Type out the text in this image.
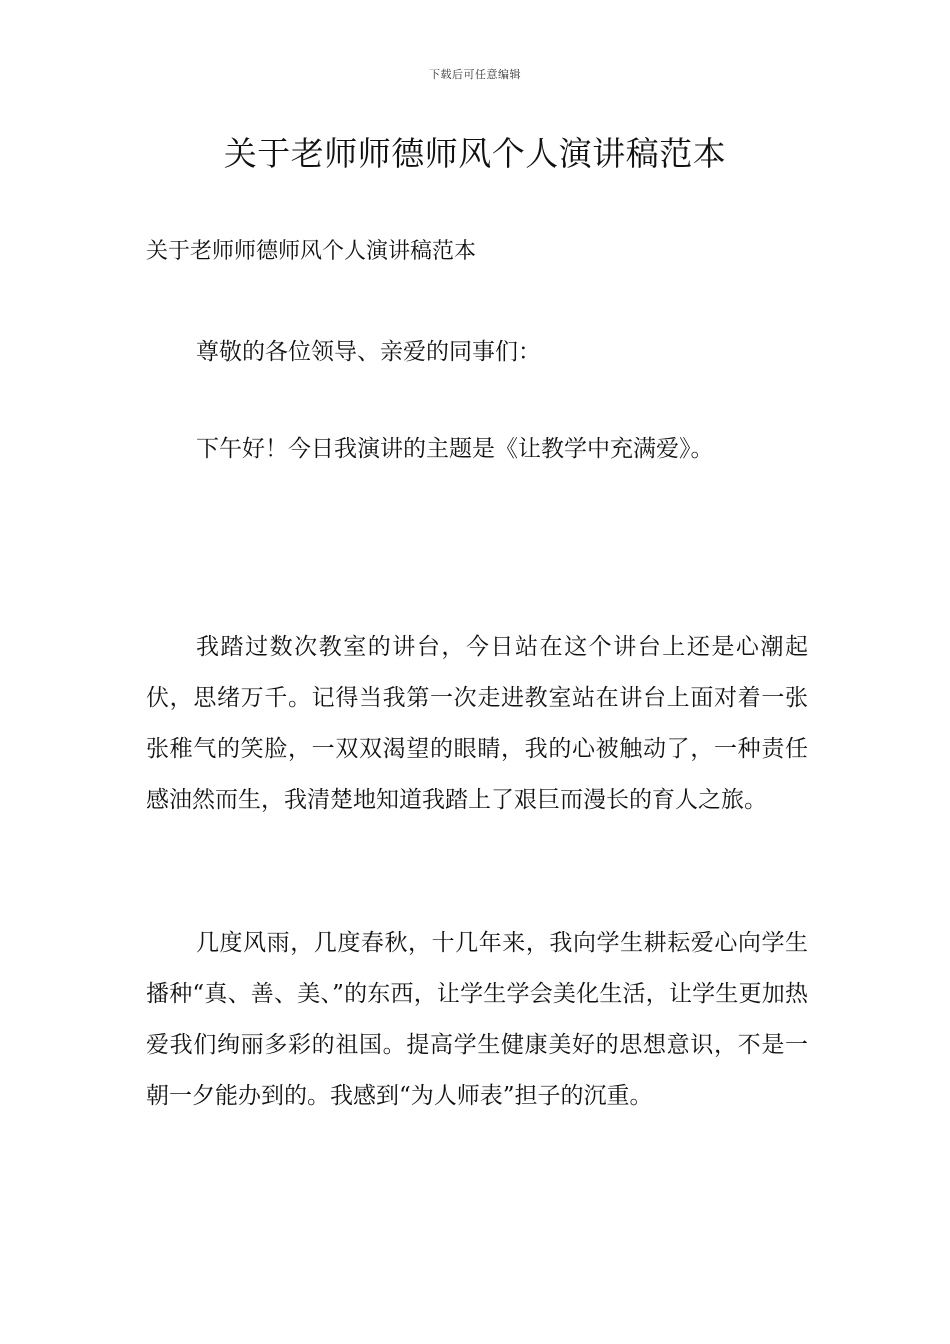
下载后可任意编辑
关于老师师德师风个人演讲稿范本

关于老师师德师风个人演讲稿范本

尊敬的各位领导、亲爱的同事们：

下午好！今日我演讲的主题是《让教学中充满爱》。

我踏过数次教室的讲台，今日站在这个讲台上还是心潮起伏，思绪万千。记得当我第一次走进教室站在讲台上面对着一张张稚气的笑脸，一双双渴望的眼睛，我的心被触动了，一种责任感油然而生，我清楚地知道我踏上了艰巨而漫长的育人之旅。

几度风雨，几度春秋，十几年来，我向学生耕耘爱心向学生播种“真、善、美、”的东西，让学生学会美化生活，让学生更加热爱我们绚丽多彩的祖国。提高学生健康美好的思想意识，不是一朝一夕能办到的。我感到“为人师表”担子的沉重。
